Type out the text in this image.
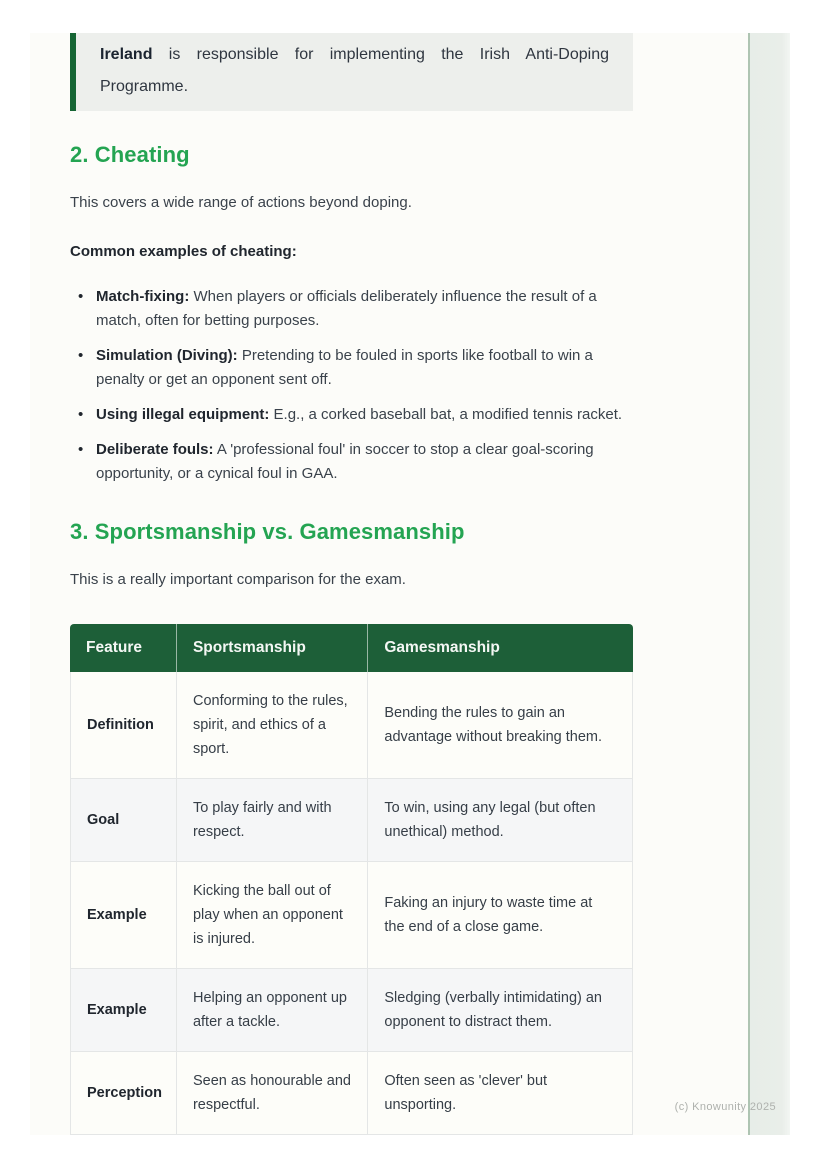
Ireland is responsible for implementing the Irish Anti-Doping Programme.
2. Cheating

This covers a wide range of actions beyond doping.

Common examples of cheating:

• Match-fixing: When players or officials deliberately influence the result of a match, often for betting purposes.
• Simulation (Diving): Pretending to be fouled in sports like football to win a penalty or get an opponent sent off.
• Using illegal equipment: E.g., a corked baseball bat, a modified tennis racket.
• Deliberate fouls: A 'professional foul' in soccer to stop a clear goal-scoring opportunity, or a cynical foul in GAA.
3. Sportsmanship vs. Gamesmanship

This is a really important comparison for the exam.

Feature	Sportsmanship	Gamesmanship
Definition	Conforming to the rules, spirit, and ethics of a sport.	Bending the rules to gain an advantage without breaking them.
Goal	To play fairly and with respect.	To win, using any legal (but often unethical) method.
Example	Kicking the ball out of play when an opponent is injured.	Faking an injury to waste time at the end of a close game.
Example	Helping an opponent up after a tackle.	Sledging (verbally intimidating) an opponent to distract them.
Perception	Seen as honourable and respectful.	Often seen as 'clever' but unsporting.	(c) Knowunity 2025
